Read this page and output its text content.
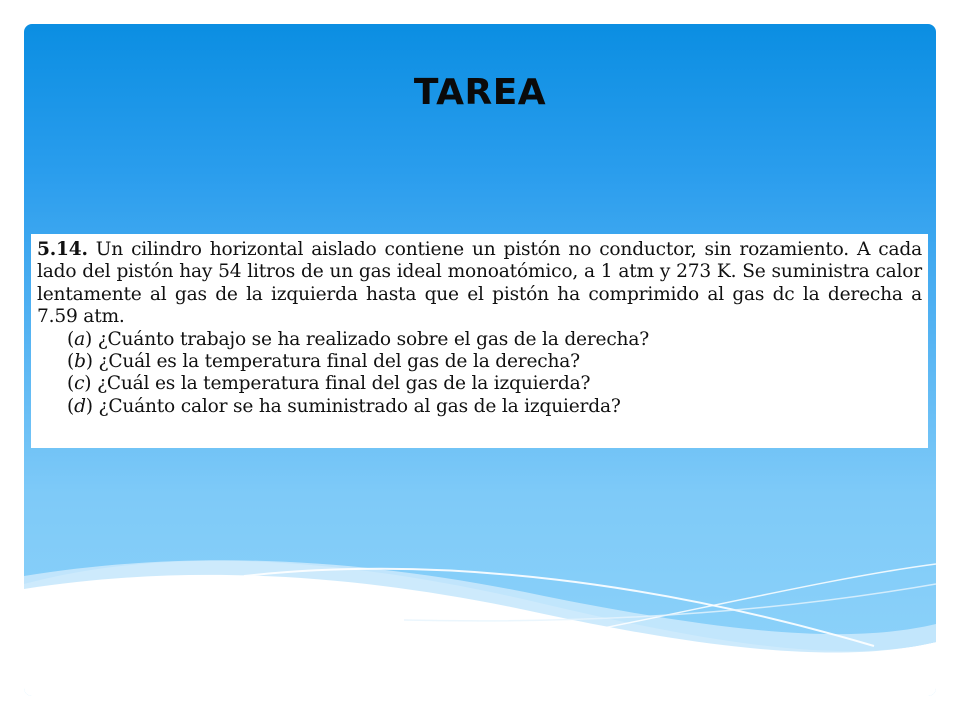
TAREA
5.14. Un cilindro horizontal aislado contiene un pistón no conductor, sin rozamiento. A cada lado del pistón hay 54 litros de un gas ideal monoatómico, a 1 atm y 273 K. Se suministra calor lentamente al gas de la izquierda hasta que el pistón ha comprimido al gas dc la derecha a 7.59 atm.
(a) ¿Cuánto trabajo se ha realizado sobre el gas de la derecha?
(b) ¿Cuál es la temperatura final del gas de la derecha?
(c) ¿Cuál es la temperatura final del gas de la izquierda?
(d) ¿Cuánto calor se ha suministrado al gas de la izquierda?
